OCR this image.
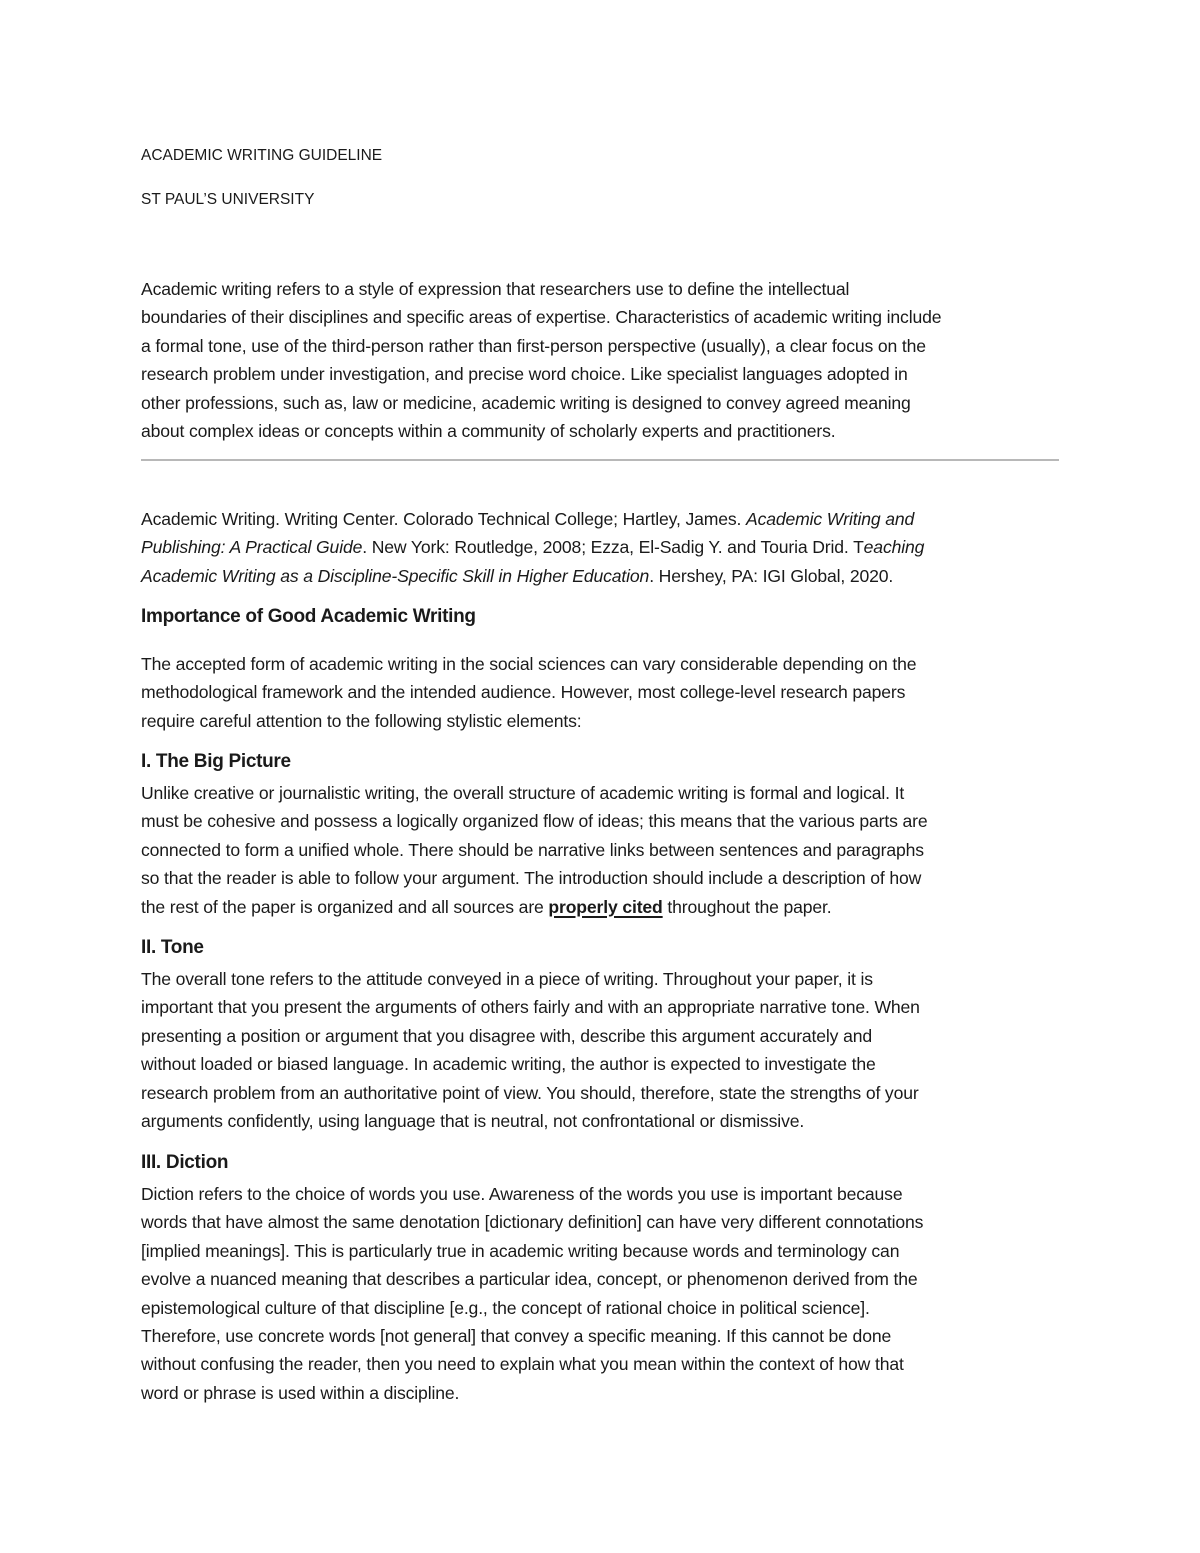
ACADEMIC WRITING GUIDELINE
ST PAUL’S UNIVERSITY
Academic writing refers to a style of expression that researchers use to define the intellectual
boundaries of their disciplines and specific areas of expertise. Characteristics of academic writing include
a formal tone, use of the third-person rather than first-person perspective (usually), a clear focus on the
research problem under investigation, and precise word choice. Like specialist languages adopted in
other professions, such as, law or medicine, academic writing is designed to convey agreed meaning
about complex ideas or concepts within a community of scholarly experts and practitioners.
Academic Writing. Writing Center. Colorado Technical College; Hartley, James. Academic Writing and
Publishing: A Practical Guide. New York: Routledge, 2008; Ezza, El-Sadig Y. and Touria Drid. Teaching
Academic Writing as a Discipline-Specific Skill in Higher Education. Hershey, PA: IGI Global, 2020.
Importance of Good Academic Writing
The accepted form of academic writing in the social sciences can vary considerable depending on the
methodological framework and the intended audience. However, most college-level research papers
require careful attention to the following stylistic elements:
I. The Big Picture
Unlike creative or journalistic writing, the overall structure of academic writing is formal and logical. It
must be cohesive and possess a logically organized flow of ideas; this means that the various parts are
connected to form a unified whole. There should be narrative links between sentences and paragraphs
so that the reader is able to follow your argument. The introduction should include a description of how
the rest of the paper is organized and all sources are properly cited throughout the paper.
II. Tone
The overall tone refers to the attitude conveyed in a piece of writing. Throughout your paper, it is
important that you present the arguments of others fairly and with an appropriate narrative tone. When
presenting a position or argument that you disagree with, describe this argument accurately and
without loaded or biased language. In academic writing, the author is expected to investigate the
research problem from an authoritative point of view. You should, therefore, state the strengths of your
arguments confidently, using language that is neutral, not confrontational or dismissive.
III. Diction
Diction refers to the choice of words you use. Awareness of the words you use is important because
words that have almost the same denotation [dictionary definition] can have very different connotations
[implied meanings]. This is particularly true in academic writing because words and terminology can
evolve a nuanced meaning that describes a particular idea, concept, or phenomenon derived from the
epistemological culture of that discipline [e.g., the concept of rational choice in political science].
Therefore, use concrete words [not general] that convey a specific meaning. If this cannot be done
without confusing the reader, then you need to explain what you mean within the context of how that
word or phrase is used within a discipline.
